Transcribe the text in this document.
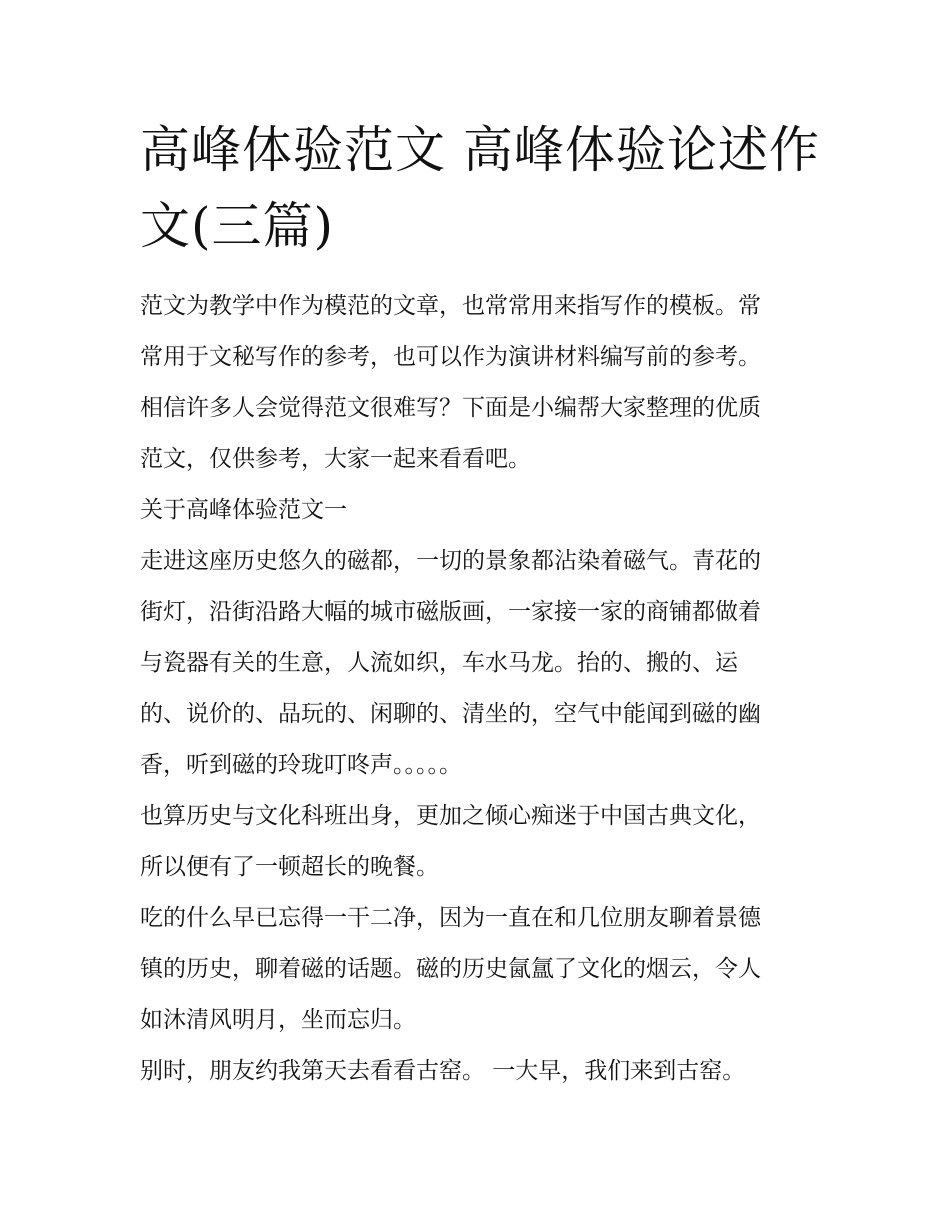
高峰体验范文 高峰体验论述作
文(三篇)
范文为教学中作为模范的文章，也常常用来指写作的模板。常
常用于文秘写作的参考，也可以作为演讲材料编写前的参考。
相信许多人会觉得范文很难写？下面是小编帮大家整理的优质
范文，仅供参考，大家一起来看看吧。
关于高峰体验范文一
走进这座历史悠久的磁都，一切的景象都沾染着磁气。青花的
街灯，沿街沿路大幅的城市磁版画，一家接一家的商铺都做着
与瓷器有关的生意，人流如织，车水马龙。抬的、搬的、运
的、说价的、品玩的、闲聊的、清坐的，空气中能闻到磁的幽
香，听到磁的玲珑叮咚声。。。。。
也算历史与文化科班出身，更加之倾心痴迷于中国古典文化，
所以便有了一顿超长的晚餐。
吃的什么早已忘得一干二净，因为一直在和几位朋友聊着景德
镇的历史，聊着磁的话题。磁的历史氤氲了文化的烟云，令人
如沐清风明月，坐而忘归。
别时，朋友约我第天去看看古窑。 一大早，我们来到古窑。
